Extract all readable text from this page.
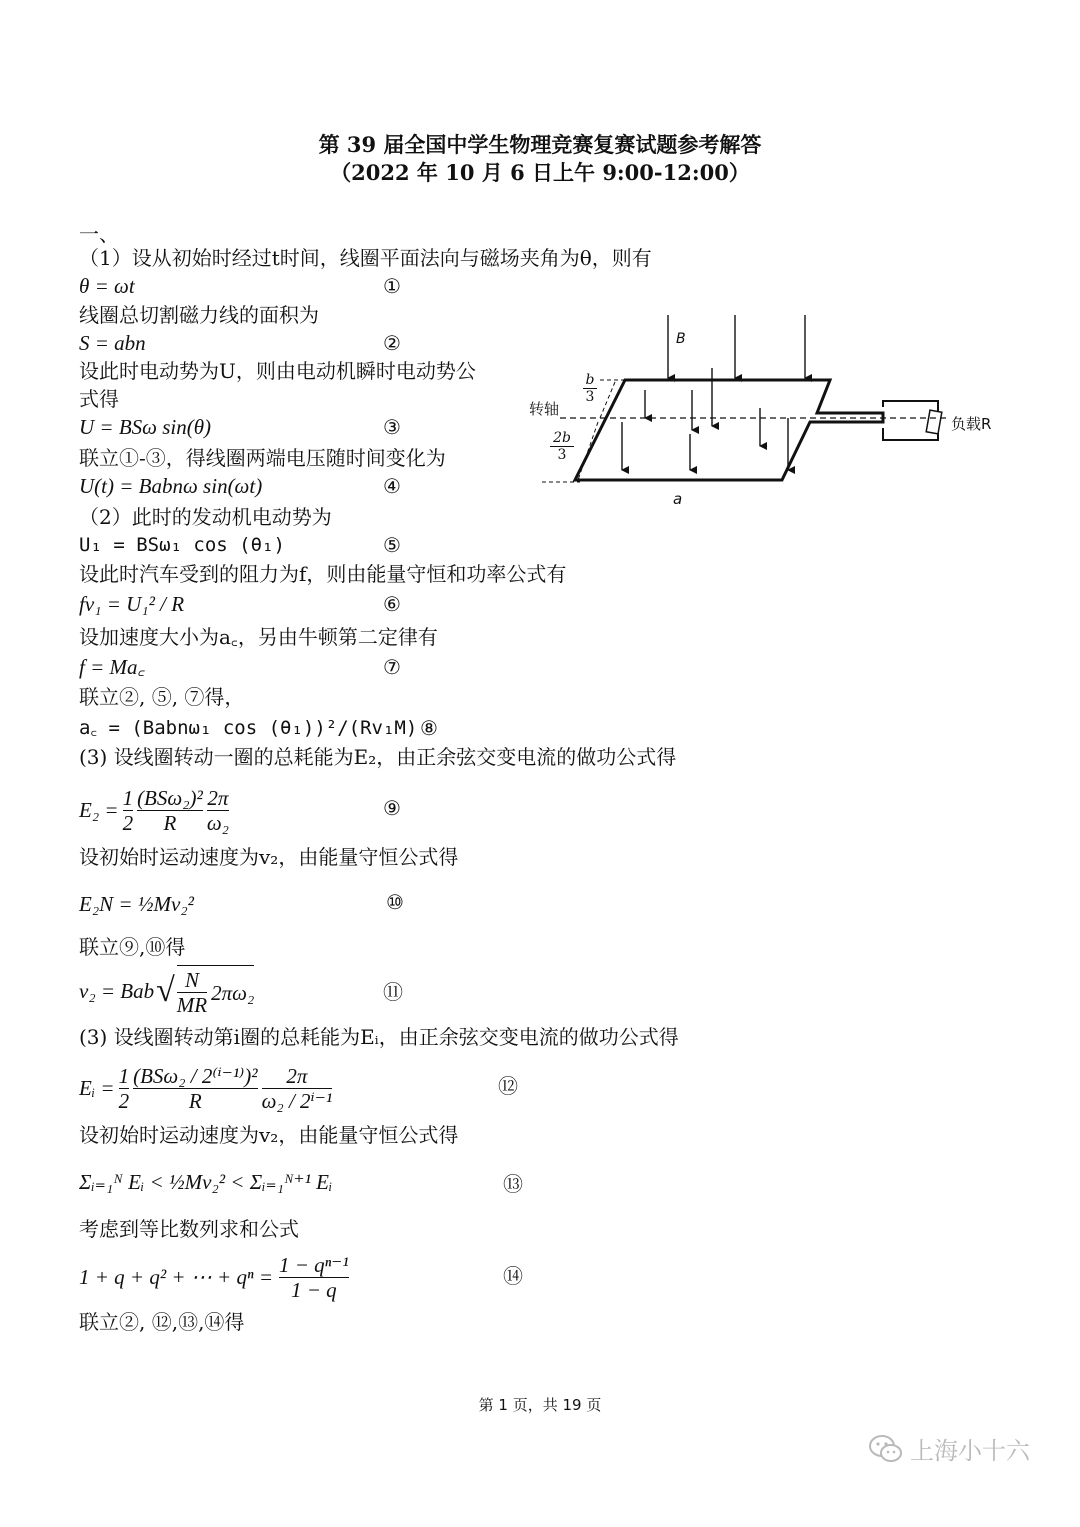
第 39 届全国中学生物理竞赛复赛试题参考解答
（2022 年 10 月 6 日上午 9:00-12:00）
一、
（1）设从初始时经过t时间，线圈平面法向与磁场夹角为θ，则有
θ = ωt	①
线圈总切割磁力线的面积为
S = abn	②
设此时电动势为U，则由电动机瞬时电动势公
式得
U = BSω sin(θ)	③
联立①-③，得线圈两端电压随时间变化为
U(t) = Babnω sin(ωt)	④
（2）此时的发动机电动势为
U₁ = BSω₁ cos (θ₁)	⑤
设此时汽车受到的阻力为f，则由能量守恒和功率公式有
fv₁ = U₁² / R	⑥
设加速度大小为a꜀，另由牛顿第二定律有
f = Ma꜀	⑦
联立②, ⑤, ⑦得，
a꜀ = (Babnω₁ cos (θ₁))²/(Rv₁M) ⑧
(3) 设线圈转动一圈的总耗能为E₂，由正余弦交变电流的做功公式得
$E_2 = \frac{1}{2} \frac{\text{(BSω₂)²}}{R} \frac{2\pi}{\text{ω₂}}$	⑨
设初始时运动速度为v₂，由能量守恒公式得
E₂N = ½Mv₂²	⑩
联立⑨,⑩得
v₂ = Bab √ $\frac{N}{MR} 2\pi\omega_2$	⑪
(3) 设线圈转动第i圈的总耗能为Eᵢ，由正余弦交变电流的做功公式得
Eᵢ = $\frac{1}{2} \frac{\text{(BSω₂ / 2⁽ⁱ⁻¹⁾)²}}{R} \frac{2\pi}{\text{ω₂ / 2ⁱ⁻¹}}$	⑫
设初始时运动速度为v₂，由能量守恒公式得
Σᵢ₌₁ᴺ Eᵢ < ½Mv₂² < Σᵢ₌₁ᴺ⁺¹ Eᵢ	⑬
考虑到等比数列求和公式
1 + q + q² + ⋯ + $q^n = \frac{\text{1 − qⁿ⁻¹}}{1 - q}$	⑭
联立②, ⑫,⑬,⑭得
B
$\frac{b}{3}$
转轴
$\frac{2b}{3}$
负载R
a
第 1 页，共 19 页
上海小十六
